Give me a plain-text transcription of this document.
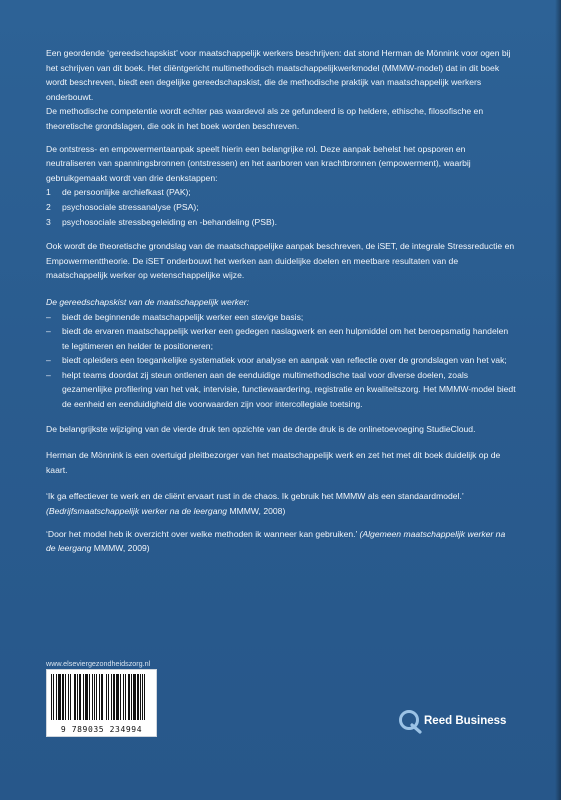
Een geordende ‘gereedschapskist’ voor maatschappelijk werkers beschrijven: dat stond Herman de Mönnink voor ogen bij het schrijven van dit boek. Het cliëntgericht multimethodisch maatschappelijkwerkmodel (MMMW-model) dat in dit boek wordt beschreven, biedt een degelijke gereedschapskist, die de methodische praktijk van maatschappelijk werkers onderbouwt.

De methodische competentie wordt echter pas waardevol als ze gefundeerd is op heldere, ethische, filosofische en theoretische grondslagen, die ook in het boek worden beschreven.

De ontstress- en empowermentaanpak speelt hierin een belangrijke rol. Deze aanpak behelst het opsporen en neutraliseren van spanningsbronnen (ontstressen) en het aanboren van krachtbronnen (empowerment), waarbij gebruikgemaakt wordt van drie denkstappen:

1 de persoonlijke archiefkast (PAK);
2 psychosociale stressanalyse (PSA);
3 psychosociale stressbegeleiding en -behandeling (PSB).

Ook wordt de theoretische grondslag van de maatschappelijke aanpak beschreven, de iSET, de integrale Stressreductie en Empowermenttheorie. De iSET onderbouwt het werken aan duidelijke doelen en meetbare resultaten van de maatschappelijk werker op wetenschappelijke wijze.

De gereedschapskist van de maatschappelijk werker:

– biedt de beginnende maatschappelijk werker een stevige basis;
– biedt de ervaren maatschappelijk werker een gedegen naslagwerk en een hulpmiddel om het beroepsmatig handelen te legitimeren en helder te positioneren;
– biedt opleiders een toegankelijke systematiek voor analyse en aanpak van reflectie over de grondslagen van het vak;
– helpt teams doordat zij steun ontlenen aan de eenduidige multimethodische taal voor diverse doelen, zoals gezamenlijke profilering van het vak, intervisie, functiewaardering, registratie en kwaliteitszorg. Het MMMW-model biedt de eenheid en eenduidigheid die voorwaarden zijn voor intercollegiale toetsing.

De belangrijkste wijziging van de vierde druk ten opzichte van de derde druk is de onlinetoevoeging StudieCloud.

Herman de Mönnink is een overtuigd pleitbezorger van het maatschappelijk werk en zet het met dit boek duidelijk op de kaart.

‘Ik ga effectiever te werk en de cliënt ervaart rust in de chaos. Ik gebruik het MMMW als een standaardmodel.’ (Bedrijfsmaatschappelijk werker na de leergang MMMW, 2008)

‘Door het model heb ik overzicht over welke methoden ik wanneer kan gebruiken.’ (Algemeen maatschappelijk werker na de leergang MMMW, 2009)

www.elseviergezondheidszorg.nl
9 789035 234994
Reed Business
